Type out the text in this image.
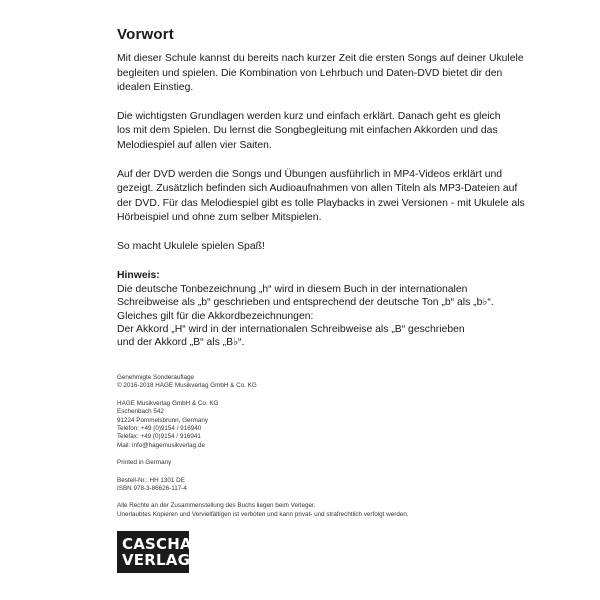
Vorwort

Mit dieser Schule kannst du bereits nach kurzer Zeit die ersten Songs auf deiner Ukulele
begleiten und spielen. Die Kombination von Lehrbuch und Daten-DVD bietet dir den
idealen Einstieg.

Die wichtigsten Grundlagen werden kurz und einfach erklärt. Danach geht es gleich
los mit dem Spielen. Du lernst die Songbegleitung mit einfachen Akkorden und das
Melodiespiel auf allen vier Saiten.

Auf der DVD werden die Songs und Übungen ausführlich in MP4-Videos erklärt und
gezeigt. Zusätzlich befinden sich Audioaufnahmen von allen Titeln als MP3-Dateien auf
der DVD. Für das Melodiespiel gibt es tolle Playbacks in zwei Versionen - mit Ukulele als
Hörbeispiel und ohne zum selber Mitspielen.

So macht Ukulele spielen Spaß!

Hinweis:
Die deutsche Tonbezeichnung „h“ wird in diesem Buch in der internationalen
Schreibweise als „b“ geschrieben und entsprechend der deutsche Ton „b“ als „b♭“.
Gleiches gilt für die Akkordbezeichnungen:
Der Akkord „H“ wird in der internationalen Schreibweise als „B“ geschrieben
und der Akkord „B“ als „B♭“.
Genehmigte Sonderauflage
© 2016-2018 HAGE Musikverlag GmbH & Co. KG
HAGE Musikverlag GmbH & Co. KG
Eschenbach 542
91224 Pommelsbrunn, Germany
Telefon: +49 (0)9154 / 916940
Telefax: +49 (0)9154 / 916941
Mail: info@hagemusikverlag.de
Printed in Germany
Bestell-Nr.: HH 1301 DE
ISBN 978-3-86626-117-4
Alle Rechte an der Zusammenstellung des Buchs liegen beim Verleger.
Unerlaubtes Kopieren und Vervielfältigen ist verboten und kann privat- und strafrechtlich verfolgt werden.
CASCHA
VERLAG
